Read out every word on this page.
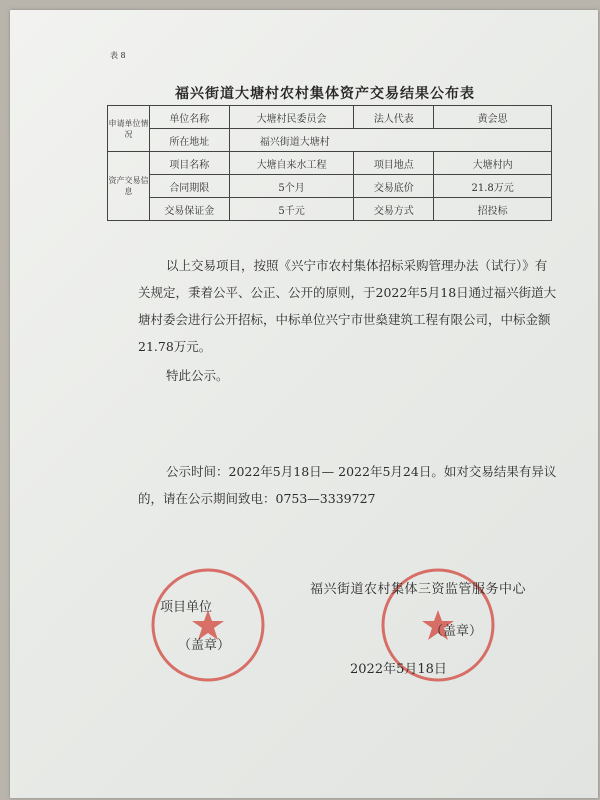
表 8
福兴街道大塘村农村集体资产交易结果公布表
申请单位情况	单位名称	大塘村民委员会	法人代表	黄会思
	所在地址	福兴街道大塘村		
资产交易信息	项目名称	大塘自来水工程	项目地点	大塘村内
	合同期限	5个月	交易底价	21.8万元
	交易保证金	5千元	交易方式	招投标

以上交易项目，按照《兴宁市农村集体招标采购管理办法（试行）》有关规定，秉着公平、公正、公开的原则，于2022年5月18日通过福兴街道大塘村委会进行公开招标，中标单位兴宁市世燊建筑工程有限公司，中标金额21.78万元。

特此公示。

公示时间：2022年5月18日— 2022年5月24日。如对交易结果有异议的，请在公示期间致电：0753—3339727

项目单位
（盖章）
福兴街道农村集体三资监管服务中心
（盖章）
2022年5月18日
